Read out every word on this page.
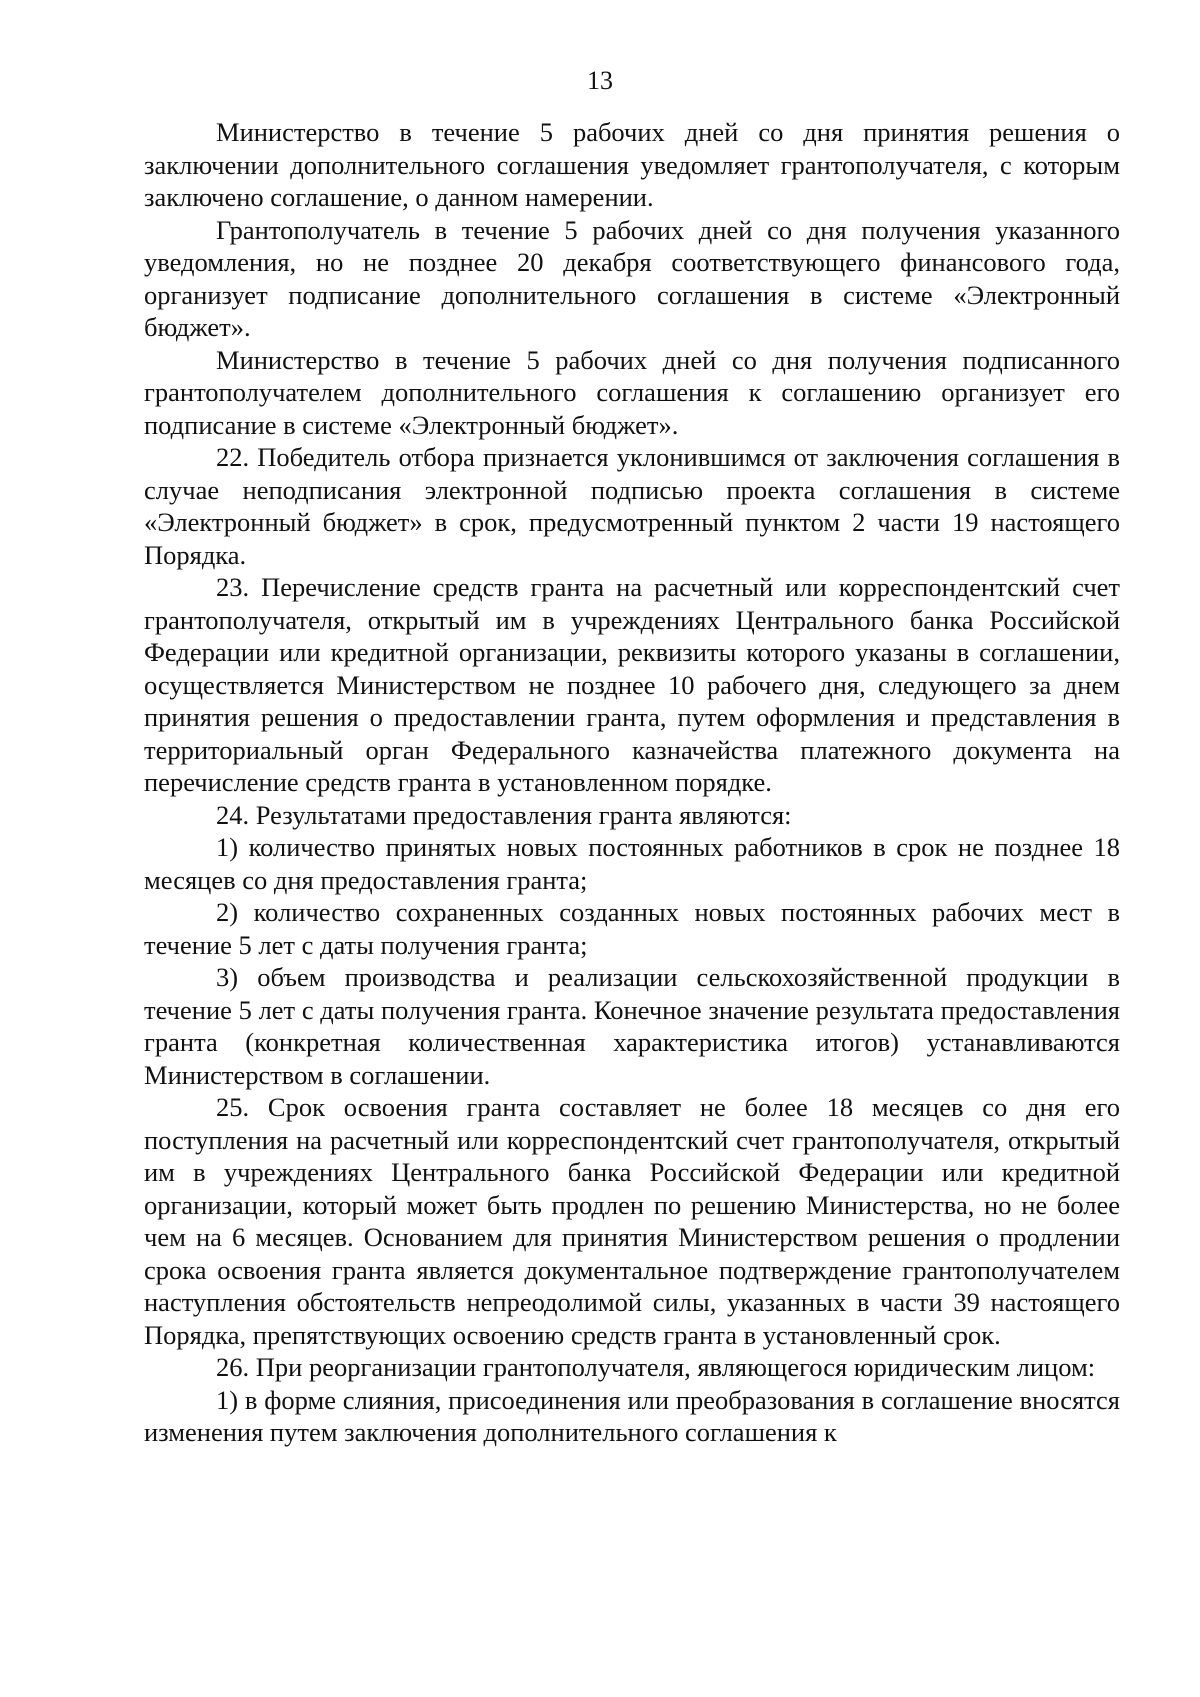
13

Министерство в течение 5 рабочих дней со дня принятия решения о заключении дополнительного соглашения уведомляет грантополучателя, с которым заключено соглашение, о данном намерении.

Грантополучатель в течение 5 рабочих дней со дня получения указанного уведомления, но не позднее 20 декабря соответствующего финансового года, организует подписание дополнительного соглашения в системе «Электронный бюджет».

Министерство в течение 5 рабочих дней со дня получения подписанного грантополучателем дополнительного соглашения к соглашению организует его подписание в системе «Электронный бюджет».

22. Победитель отбора признается уклонившимся от заключения соглашения в случае неподписания электронной подписью проекта соглашения в системе «Электронный бюджет» в срок, предусмотренный пунктом 2 части 19 настоящего Порядка.

23. Перечисление средств гранта на расчетный или корреспондентский счет грантополучателя, открытый им в учреждениях Центрального банка Российской Федерации или кредитной организации, реквизиты которого указаны в соглашении, осуществляется Министерством не позднее 10 рабочего дня, следующего за днем принятия решения о предоставлении гранта, путем оформления и представления в территориальный орган Федерального казначейства платежного документа на перечисление средств гранта в установленном порядке.

24. Результатами предоставления гранта являются:

1) количество принятых новых постоянных работников в срок не позднее 18 месяцев со дня предоставления гранта;

2) количество сохраненных созданных новых постоянных рабочих мест в течение 5 лет с даты получения гранта;

3) объем производства и реализации сельскохозяйственной продукции в течение 5 лет с даты получения гранта. Конечное значение результата предоставления гранта (конкретная количественная характеристика итогов) устанавливаются Министерством в соглашении.

25. Срок освоения гранта составляет не более 18 месяцев со дня его поступления на расчетный или корреспондентский счет грантополучателя, открытый им в учреждениях Центрального банка Российской Федерации или кредитной организации, который может быть продлен по решению Министерства, но не более чем на 6 месяцев. Основанием для принятия Министерством решения о продлении срока освоения гранта является документальное подтверждение грантополучателем наступления обстоятельств непреодолимой силы, указанных в части 39 настоящего Порядка, препятствующих освоению средств гранта в установленный срок.

26. При реорганизации грантополучателя, являющегося юридическим лицом:

1) в форме слияния, присоединения или преобразования в соглашение вносятся изменения путем заключения дополнительного соглашения к
